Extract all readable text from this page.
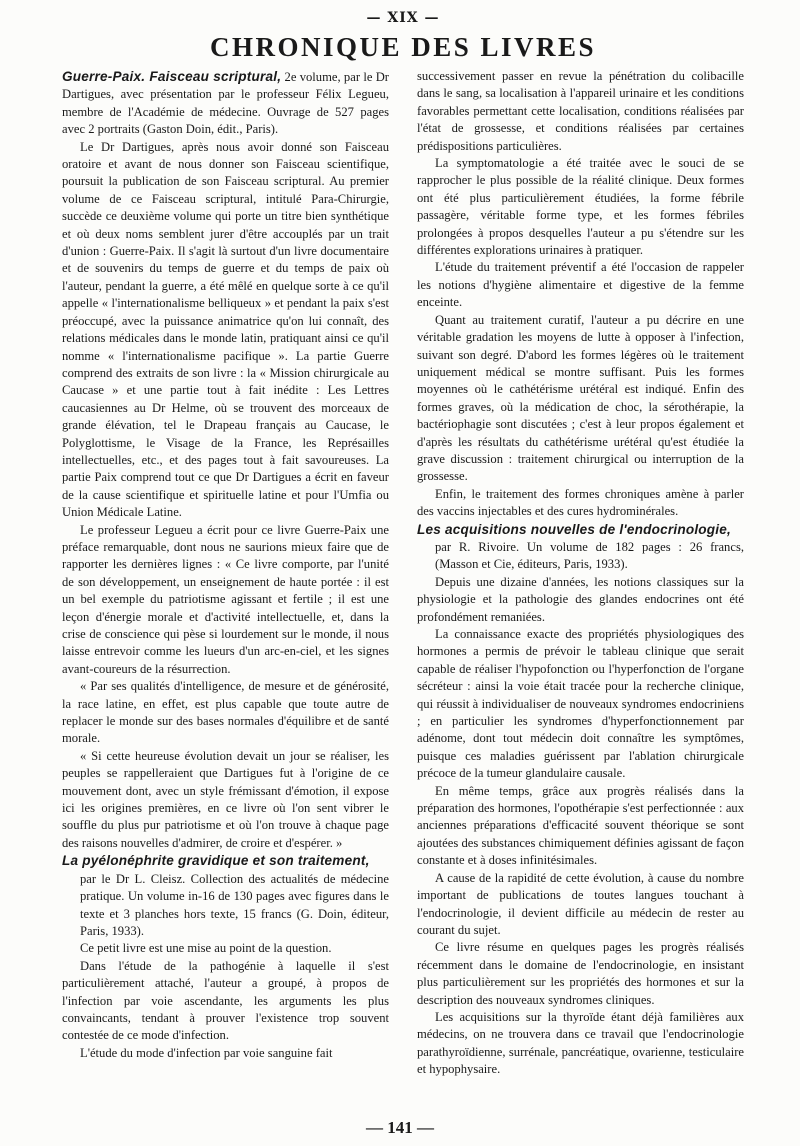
— XIX —
CHRONIQUE DES LIVRES

Guerre-Paix. Faisceau scriptural, 2e volume, par le Dr Dartigues, avec présentation par le professeur Félix Legueu, membre de l'Académie de médecine. Ouvrage de 527 pages avec 2 portraits (Gaston Doin, édit., Paris).

Le Dr Dartigues, après nous avoir donné son Faisceau oratoire et avant de nous donner son Faisceau scientifique, poursuit la publication de son Faisceau scriptural. Au premier volume de ce Faisceau scriptural, intitulé Para-Chirurgie, succède ce deuxième volume qui porte un titre bien synthétique et où deux noms semblent jurer d'être accouplés par un trait d'union : Guerre-Paix. Il s'agit là surtout d'un livre documentaire et de souvenirs du temps de guerre et du temps de paix où l'auteur, pendant la guerre, a été mêlé en quelque sorte à ce qu'il appelle « l'internationalisme belliqueux » et pendant la paix s'est préoccupé, avec la puissance animatrice qu'on lui connaît, des relations médicales dans le monde latin, pratiquant ainsi ce qu'il nomme « l'internationalisme pacifique ». La partie Guerre comprend des extraits de son livre : la « Mission chirurgicale au Caucase » et une partie tout à fait inédite : Les Lettres caucasiennes au Dr Helme, où se trouvent des morceaux de grande élévation, tel le Drapeau français au Caucase, le Polyglottisme, le Visage de la France, les Représailles intellectuelles, etc., et des pages tout à fait savoureuses. La partie Paix comprend tout ce que Dr Dartigues a écrit en faveur de la cause scientifique et spirituelle latine et pour l'Umfia ou Union Médicale Latine.

Le professeur Legueu a écrit pour ce livre Guerre-Paix une préface remarquable, dont nous ne saurions mieux faire que de rapporter les dernières lignes : « Ce livre comporte, par l'unité de son développement, un enseignement de haute portée : il est un bel exemple du patriotisme agissant et fertile ; il est une leçon d'énergie morale et d'activité intellectuelle, et, dans la crise de conscience qui pèse si lourdement sur le monde, il nous laisse entrevoir comme les lueurs d'un arc-en-ciel, et les signes avant-coureurs de la résurrection.

« Par ses qualités d'intelligence, de mesure et de générosité, la race latine, en effet, est plus capable que toute autre de replacer le monde sur des bases normales d'équilibre et de santé morale.

« Si cette heureuse évolution devait un jour se réaliser, les peuples se rappelleraient que Dartigues fut à l'origine de ce mouvement dont, avec un style frémissant d'émotion, il expose ici les origines premières, en ce livre où l'on sent vibrer le souffle du plus pur patriotisme et où l'on trouve à chaque page des raisons nouvelles d'admirer, de croire et d'espérer. »

La pyélonéphrite gravidique et son traitement,

par le Dr L. Cleisz. Collection des actualités de médecine pratique. Un volume in-16 de 130 pages avec figures dans le texte et 3 planches hors texte, 15 francs (G. Doin, éditeur, Paris, 1933).

Ce petit livre est une mise au point de la question.

Dans l'étude de la pathogénie à laquelle il s'est particulièrement attaché, l'auteur a groupé, à propos de l'infection par voie ascendante, les arguments les plus convaincants, tendant à prouver l'existence trop souvent contestée de ce mode d'infection.

L'étude du mode d'infection par voie sanguine fait

successivement passer en revue la pénétration du colibacille dans le sang, sa localisation à l'appareil urinaire et les conditions favorables permettant cette localisation, conditions réalisées par l'état de grossesse, et conditions réalisées par certaines prédispositions particulières.

La symptomatologie a été traitée avec le souci de se rapprocher le plus possible de la réalité clinique. Deux formes ont été plus particulièrement étudiées, la forme fébrile passagère, véritable forme type, et les formes fébriles prolongées à propos desquelles l'auteur a pu s'étendre sur les différentes explorations urinaires à pratiquer.

L'étude du traitement préventif a été l'occasion de rappeler les notions d'hygiène alimentaire et digestive de la femme enceinte.

Quant au traitement curatif, l'auteur a pu décrire en une véritable gradation les moyens de lutte à opposer à l'infection, suivant son degré. D'abord les formes légères où le traitement uniquement médical se montre suffisant. Puis les formes moyennes où le cathétérisme urétéral est indiqué. Enfin des formes graves, où la médication de choc, la sérothérapie, la bactériophagie sont discutées ; c'est à leur propos également et d'après les résultats du cathétérisme urétéral qu'est étudiée la grave discussion : traitement chirurgical ou interruption de la grossesse.

Enfin, le traitement des formes chroniques amène à parler des vaccins injectables et des cures hydrominérales.

Les acquisitions nouvelles de l'endocrinologie,

par R. Rivoire. Un volume de 182 pages : 26 francs, (Masson et Cie, éditeurs, Paris, 1933).

Depuis une dizaine d'années, les notions classiques sur la physiologie et la pathologie des glandes endocrines ont été profondément remaniées.

La connaissance exacte des propriétés physiologiques des hormones a permis de prévoir le tableau clinique que serait capable de réaliser l'hypofonction ou l'hyperfonction de l'organe sécréteur : ainsi la voie était tracée pour la recherche clinique, qui réussit à individualiser de nouveaux syndromes endocriniens ; en particulier les syndromes d'hyperfonctionnement par adénome, dont tout médecin doit connaître les symptômes, puisque ces maladies guérissent par l'ablation chirurgicale précoce de la tumeur glandulaire causale.

En même temps, grâce aux progrès réalisés dans la préparation des hormones, l'opothérapie s'est perfectionnée : aux anciennes préparations d'efficacité souvent théorique se sont ajoutées des substances chimiquement définies agissant de façon constante et à doses infinitésimales.

A cause de la rapidité de cette évolution, à cause du nombre important de publications de toutes langues touchant à l'endocrinologie, il devient difficile au médecin de rester au courant du sujet.

Ce livre résume en quelques pages les progrès réalisés récemment dans le domaine de l'endocrinologie, en insistant plus particulièrement sur les propriétés des hormones et sur la description des nouveaux syndromes cliniques.

Les acquisitions sur la thyroïde étant déjà familières aux médecins, on ne trouvera dans ce travail que l'endocrinologie parathyroïdienne, surrénale, pancréatique, ovarienne, testiculaire et hypophysaire.

— 141 —
